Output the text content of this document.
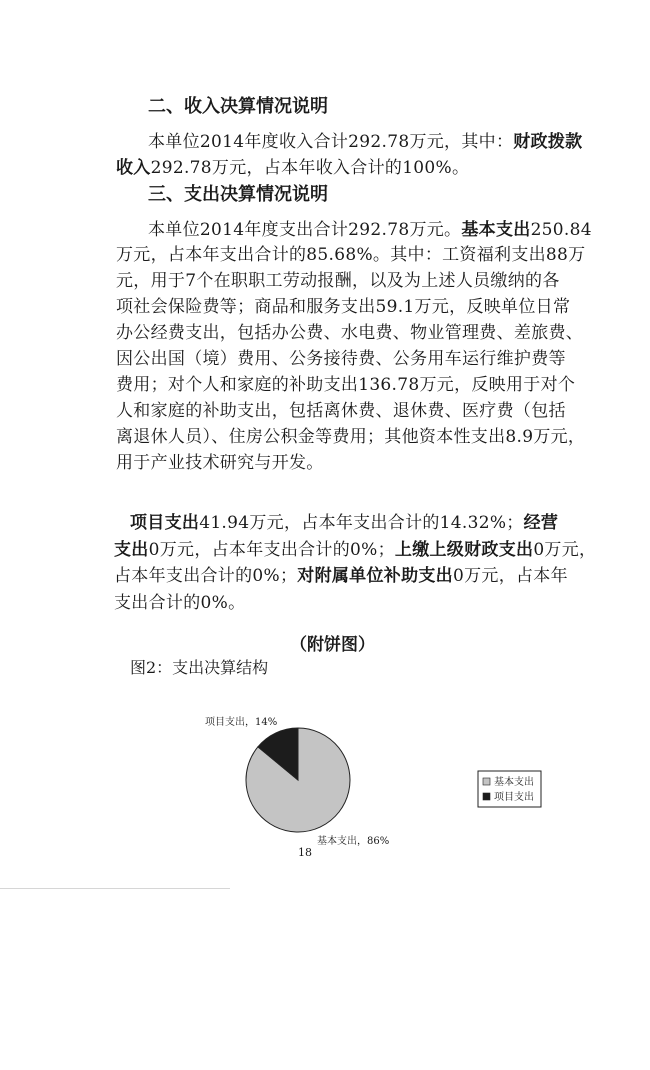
二、收入决算情况说明
本单位2014年度收入合计292.78万元，其中：财政拨款
收入292.78万元，占本年收入合计的100%。
三、支出决算情况说明
本单位2014年度支出合计292.78万元。基本支出250.84
万元，占本年支出合计的85.68%。其中：工资福利支出88万
元，用于7个在职职工劳动报酬，以及为上述人员缴纳的各
项社会保险费等；商品和服务支出59.1万元，反映单位日常
办公经费支出，包括办公费、水电费、物业管理费、差旅费、
因公出国（境）费用、公务接待费、公务用车运行维护费等
费用；对个人和家庭的补助支出136.78万元，反映用于对个
人和家庭的补助支出，包括离休费、退休费、医疗费（包括
离退休人员）、住房公积金等费用；其他资本性支出8.9万元，
用于产业技术研究与开发。
项目支出41.94万元，占本年支出合计的14.32%；经营
支出0万元，占本年支出合计的0%；上缴上级财政支出0万元，
占本年支出合计的0%；对附属单位补助支出0万元，占本年
支出合计的0%。
（附饼图）
图2：支出决算结构
基本支出
项目支出
项目支出，14%
基本支出，86%
18
